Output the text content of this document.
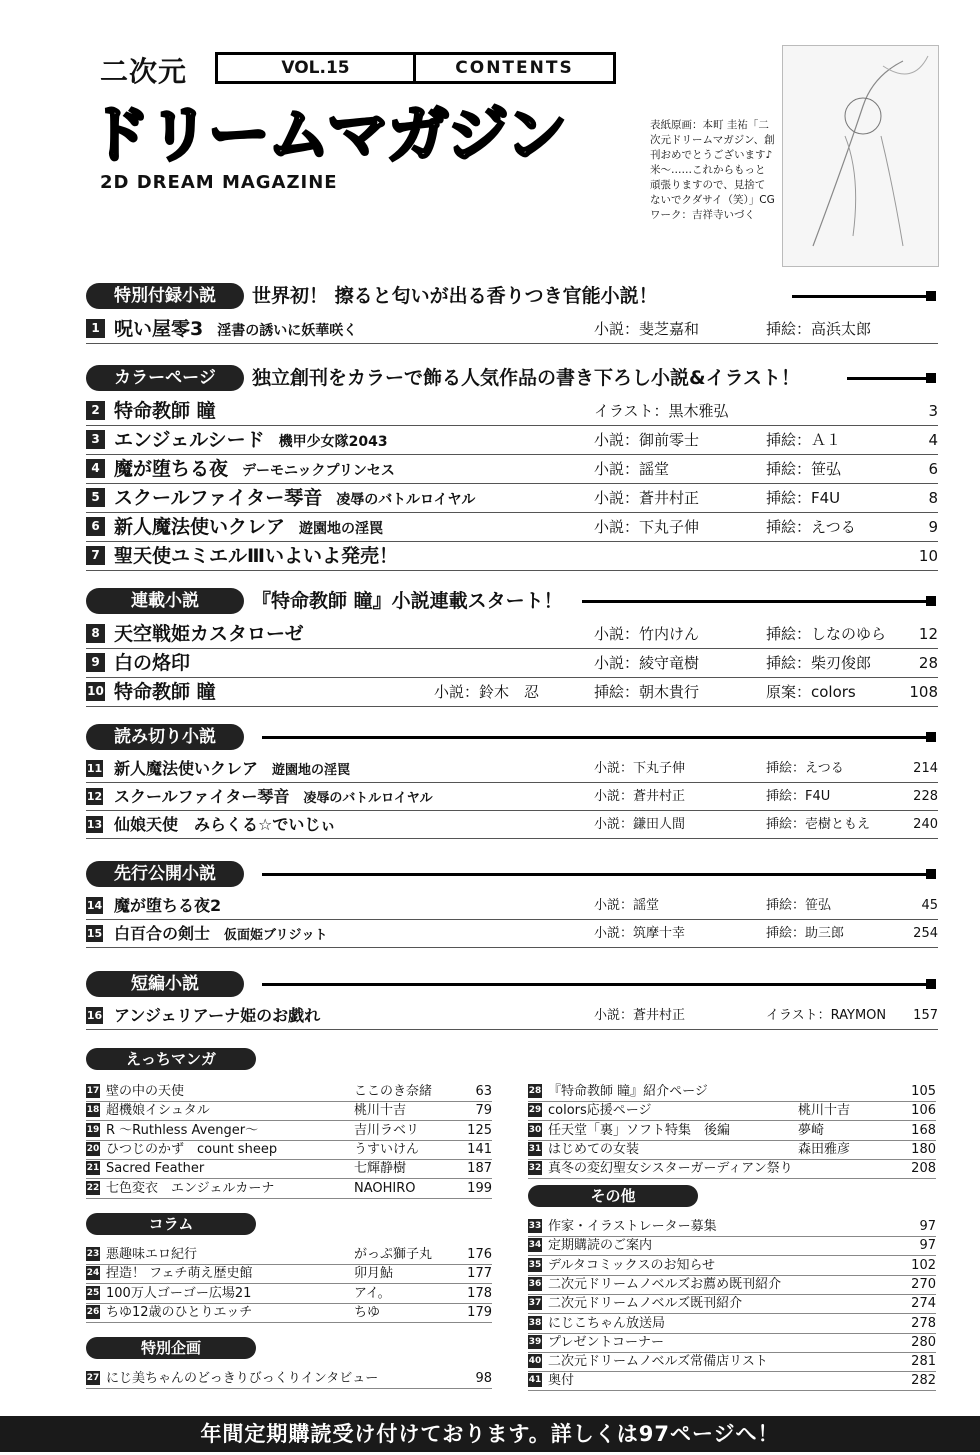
二次元	VOL.15	CONTENTS
ドリームマガジン
2D DREAM MAGAZINE
表紙原画：本町 圭祐「二次元ドリームマガジン、創刊おめでとうございます♪ 米〜……これからもっと頑張りますので、見捨てないでクダサイ（笑）」CGワーク：吉祥寺いづく
特別付録小説	世界初！ 擦ると匂いが出る香りつき官能小説！
1 呪い屋零3 淫書の誘いに妖華咲く	小説：斐芝嘉和	挿絵：高浜太郎
カラーページ	独立創刊をカラーで飾る人気作品の書き下ろし小説&イラスト！
2 特命教師 瞳	イラスト：黒木雅弘	3
3 エンジェルシード 機甲少女隊2043	小説：御前零士	挿絵：Ａ１	4
4 魔が堕ちる夜 デーモニックプリンセス	小説：謡堂	挿絵：笹弘	6
5 スクールファイター琴音 凌辱のバトルロイヤル	小説：蒼井村正	挿絵：F4U	8
6 新人魔法使いクレア 遊園地の淫罠	小説：下丸子伸	挿絵：えつる	9
7 聖天使ユミエルⅢいよいよ発売！	10
連載小説	『特命教師 瞳』小説連載スタート！
8 天空戦姫カスタローゼ	小説：竹内けん	挿絵：しなのゆら 12
9 白の烙印	小説：綾守竜樹	挿絵：柴刃俊郎	28
10 特命教師 瞳	小説：鈴木　忍	挿絵：朝木貴行	原案：colors	108
読み切り小説
11 新人魔法使いクレア 遊園地の淫罠	小説：下丸子伸	挿絵：えつる	214
12 スクールファイター琴音 凌辱のバトルロイヤル	小説：蒼井村正	挿絵：F4U	228
13 仙娘天使　みらくる☆でいじぃ	小説：鎌田人間	挿絵：壱樹ともえ	240
先行公開小説
14 魔が堕ちる夜2	小説：謡堂	挿絵：笹弘	45
15 白百合の剣士 仮面姫ブリジット	小説：筑摩十幸	挿絵：助三郎	254
短編小説
16 アンジェリアーナ姫のお戯れ	小説：蒼井村正	イラスト：RAYMON 157
えっちマンガ
17 壁の中の天使	ここのき奈緒	63
18 超機娘イシュタル	桃川十吉	79
19 R 〜Ruthless Avenger〜	吉川ラベリ	125
20 ひつじのかず　count sheep	うすいけん	141
21 Sacred Feather	七輝静樹	187
22 七色変衣　エンジェルカーナ	NAOHIRO	199
コラム
23 悪趣味エロ紀行	がっぷ獅子丸	176
24 捏造！ フェチ萌え歴史館	卯月鮎	177
25 100万人ゴーゴー広場21	アイ。	178
26 ちゆ12歳のひとりエッチ	ちゆ	179
特別企画
27 にじ美ちゃんのどっきりびっくりインタビュー	98
28 『特命教師 瞳』紹介ページ	105
29 colors応援ページ	桃川十吉	106
30 任天堂「裏」ソフト特集　後編	夢崎	168
31 はじめての女装	森田雅彦	180
32 真冬の変幻聖女シスターガーディアン祭り	208
その他
33 作家・イラストレーター募集	97
34 定期購読のご案内	97
35 デルタコミックスのお知らせ	102
36 二次元ドリームノベルズお薦め既刊紹介	270
37 二次元ドリームノベルズ既刊紹介	274
38 にじこちゃん放送局	278
39 プレゼントコーナー	280
40 二次元ドリームノベルズ常備店リスト	281
41 奥付	282
年間定期購読受け付けております。詳しくは97ページへ！
